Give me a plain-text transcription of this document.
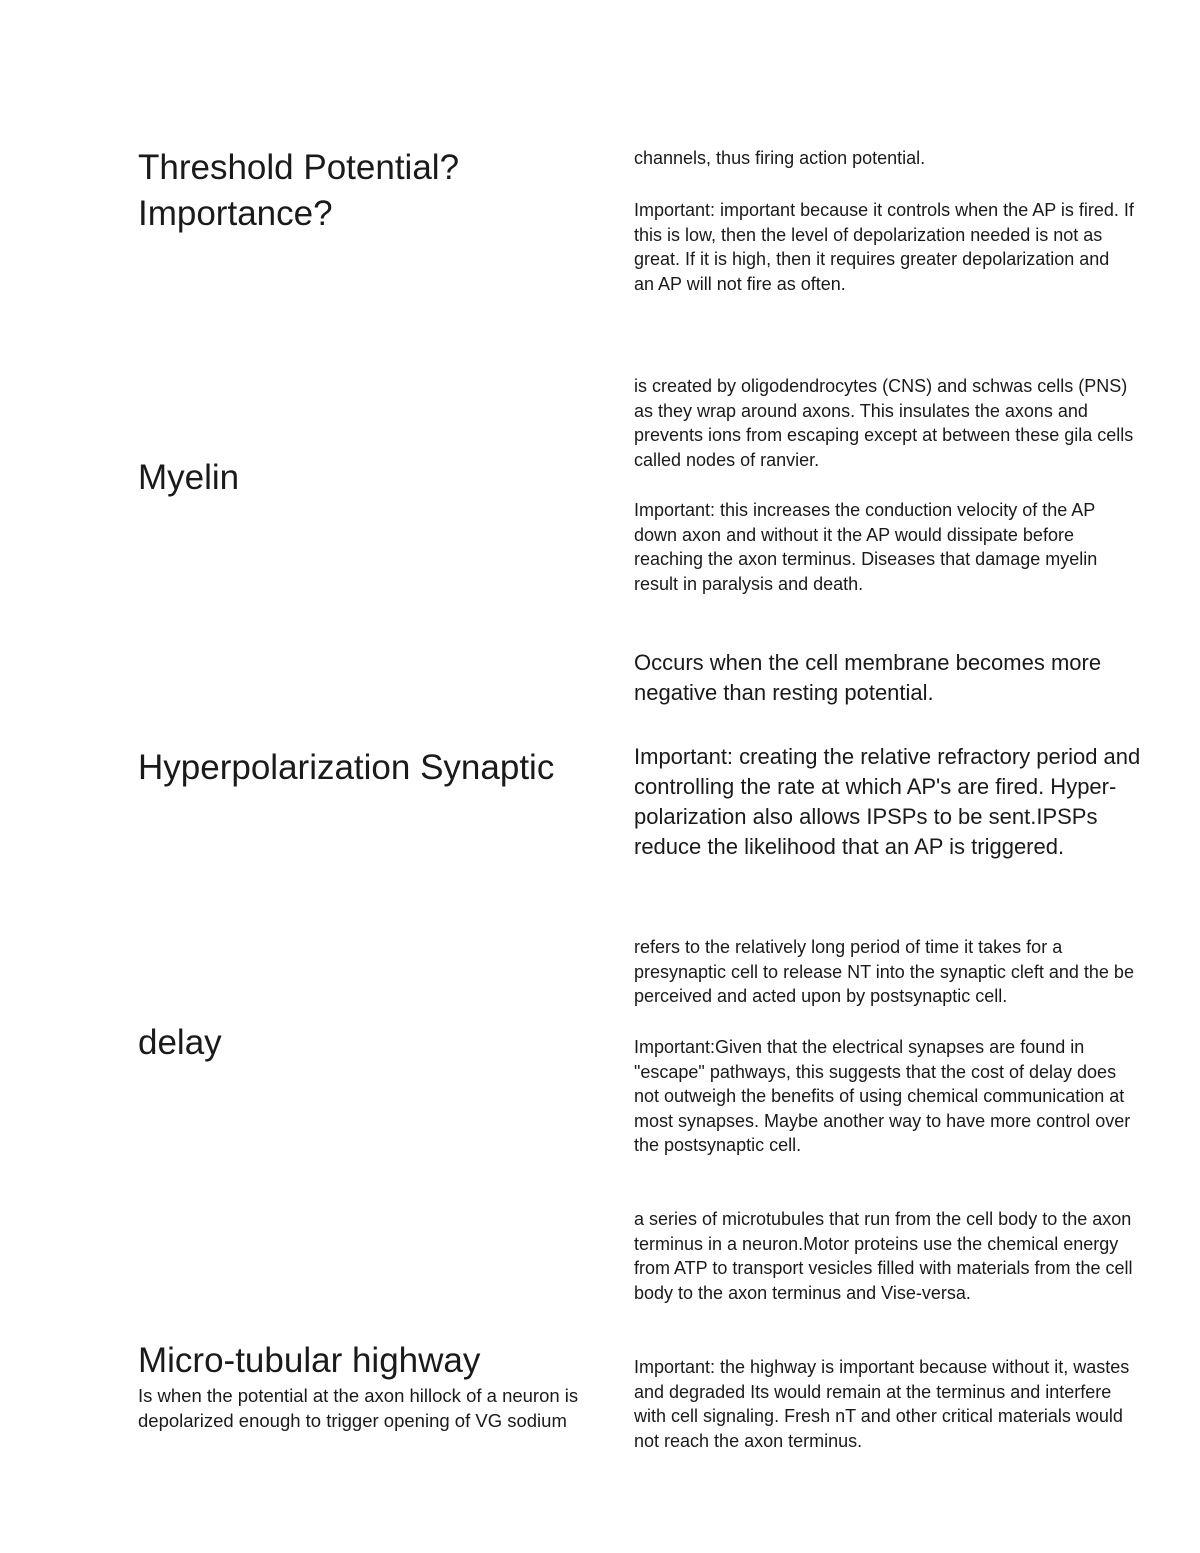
Threshold Potential?
Importance?
Myelin
Hyperpolarization Synaptic
delay
Micro-tubular highway

Is when the potential at the axon hillock of a neuron is depolarized enough to trigger opening of VG sodium

channels, thus firing action potential.

Important: important because it controls when the AP is fired. If this is low, then the level of depolarization needed is not as great. If it is high, then it requires greater depolarization and an AP will not fire as often.

is created by oligodendrocytes (CNS) and schwas cells (PNS) as they wrap around axons. This insulates the axons and prevents ions from escaping except at between these gila cells called nodes of ranvier.

Important: this increases the conduction velocity of the AP down axon and without it the AP would dissipate before reaching the axon terminus. Diseases that damage myelin result in paralysis and death.

Occurs when the cell membrane becomes more negative than resting potential.

Important: creating the relative refractory period and controlling the rate at which AP's are fired. Hyper-polarization also allows IPSPs to be sent.IPSPs reduce the likelihood that an AP is triggered.

refers to the relatively long period of time it takes for a presynaptic cell to release NT into the synaptic cleft and the be perceived and acted upon by postsynaptic cell.

Important:Given that the electrical synapses are found in "escape" pathways, this suggests that the cost of delay does not outweigh the benefits of using chemical communication at most synapses. Maybe another way to have more control over the postsynaptic cell.

a series of microtubules that run from the cell body to the axon terminus in a neuron.Motor proteins use the chemical energy from ATP to transport vesicles filled with materials from the cell body to the axon terminus and Vise-versa.

Important: the highway is important because without it, wastes and degraded Its would remain at the terminus and interfere with cell signaling. Fresh nT and other critical materials would not reach the axon terminus.
